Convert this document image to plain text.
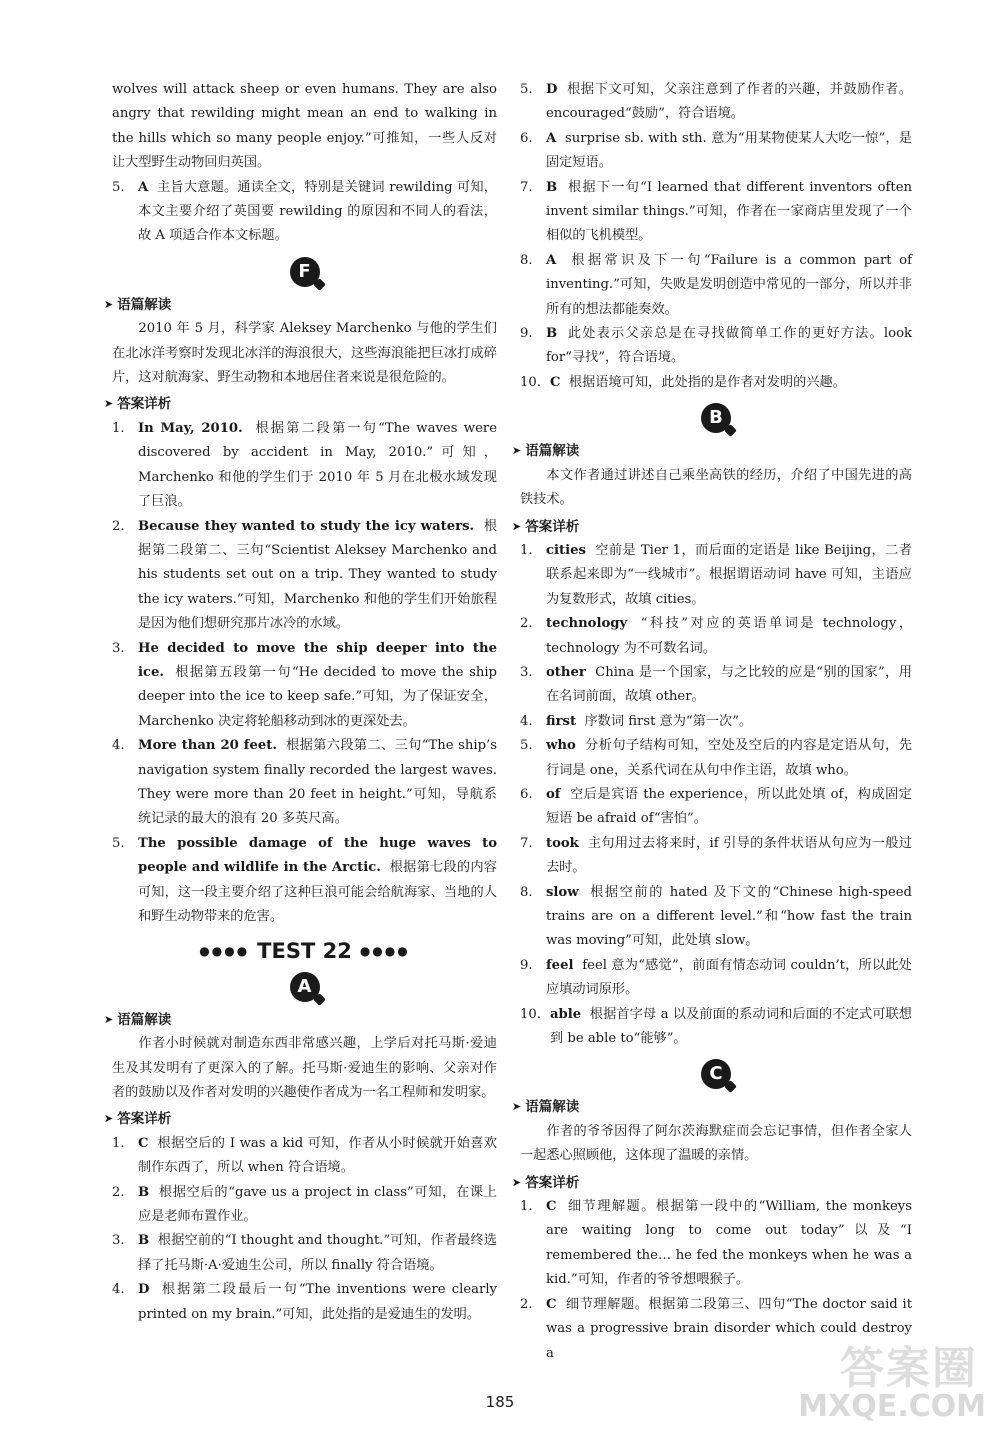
wolves will attack sheep or even humans. They are also angry that rewilding might mean an end to walking in the hills which so many people enjoy.”可推知，一些人反对让大型野生动物回归英国。

5.	A 主旨大意题。通读全文，特别是关键词 rewilding 可知，本文主要介绍了英国要 rewilding 的原因和不同人的看法，故 A 项适合作本文标题。
F
➤ 语篇解读

2010 年 5 月，科学家 Aleksey Marchenko 与他的学生们在北冰洋考察时发现北冰洋的海浪很大，这些海浪能把巨冰打成碎片，这对航海家、野生动物和本地居住者来说是很危险的。

➤ 答案详析
1.	In May, 2010. 根据第二段第一句“The waves were discovered by accident in May, 2010.”可知，Marchenko 和他的学生们于 2010 年 5 月在北极水域发现了巨浪。
2.	Because they wanted to study the icy waters. 根据第二段第二、三句“Scientist Aleksey Marchenko and his students set out on a trip. They wanted to study the icy waters.”可知，Marchenko 和他的学生们开始旅程是因为他们想研究那片冰冷的水域。
3.	He decided to move the ship deeper into the ice. 根据第五段第一句“He decided to move the ship deeper into the ice to keep safe.”可知，为了保证安全，Marchenko 决定将轮船移动到冰的更深处去。
4.	More than 20 feet. 根据第六段第二、三句“The ship’s navigation system finally recorded the largest waves. They were more than 20 feet in height.”可知，导航系统记录的最大的浪有 20 多英尺高。
5.	The possible damage of the huge waves to people and wildlife in the Arctic. 根据第七段的内容可知，这一段主要介绍了这种巨浪可能会给航海家、当地的人和野生动物带来的危害。
●●●● TEST 22 ●●●●
A
➤ 语篇解读

作者小时候就对制造东西非常感兴趣，上学后对托马斯·爱迪生及其发明有了更深入的了解。托马斯·爱迪生的影响、父亲对作者的鼓励以及作者对发明的兴趣使作者成为一名工程师和发明家。

➤ 答案详析
1.	C 根据空后的 I was a kid 可知，作者从小时候就开始喜欢制作东西了，所以 when 符合语境。
2.	B 根据空后的“gave us a project in class”可知，在课上应是老师布置作业。
3.	B 根据空前的“I thought and thought.”可知，作者最终选择了托马斯·A·爱迪生公司，所以 finally 符合语境。
4.	D 根据第二段最后一句“The inventions were clearly printed on my brain.”可知，此处指的是爱迪生的发明。
5.	D 根据下文可知，父亲注意到了作者的兴趣，并鼓励作者。encouraged“鼓励”，符合语境。
6.	A surprise sb. with sth. 意为“用某物使某人大吃一惊”，是固定短语。
7.	B 根据下一句“I learned that different inventors often invent similar things.”可知，作者在一家商店里发现了一个相似的飞机模型。
8.	A 根据常识及下一句“Failure is a common part of inventing.”可知，失败是发明创造中常见的一部分，所以并非所有的想法都能奏效。
9.	B 此处表示父亲总是在寻找做简单工作的更好方法。look for“寻找”，符合语境。
10. C 根据语境可知，此处指的是作者对发明的兴趣。
B
➤ 语篇解读

本文作者通过讲述自己乘坐高铁的经历，介绍了中国先进的高铁技术。

➤ 答案详析
1.	cities 空前是 Tier 1，而后面的定语是 like Beijing，二者联系起来即为“一线城市”。根据谓语动词 have 可知，主语应为复数形式，故填 cities。
2.	technology “科技”对应的英语单词是 technology，technology 为不可数名词。
3.	other China 是一个国家，与之比较的应是“别的国家”，用在名词前面，故填 other。
4.	first 序数词 first 意为“第一次”。
5.	who 分析句子结构可知，空处及空后的内容是定语从句，先行词是 one，关系代词在从句中作主语，故填 who。
6.	of 空后是宾语 the experience，所以此处填 of，构成固定短语 be afraid of“害怕”。
7.	took 主句用过去将来时，if 引导的条件状语从句应为一般过去时。
8.	slow 根据空前的 hated 及下文的“Chinese high-speed trains are on a different level.”和“how fast the train was moving”可知，此处填 slow。
9.	feel feel 意为“感觉”，前面有情态动词 couldn’t，所以此处应填动词原形。
10. able 根据首字母 a 以及前面的系动词和后面的不定式可联想到 be able to“能够”。
C
➤ 语篇解读

作者的爷爷因得了阿尔茨海默症而会忘记事情，但作者全家人一起悉心照顾他，这体现了温暖的亲情。

➤ 答案详析
1.	C 细节理解题。根据第一段中的“William, the monkeys are waiting long to come out today”以及“I remembered the… he fed the monkeys when he was a kid.”可知，作者的爷爷想喂猴子。
2.	C 细节理解题。根据第二段第三、四句“The doctor said it was a progressive brain disorder which could destroy a
185
答案圈
MXQE.COM
